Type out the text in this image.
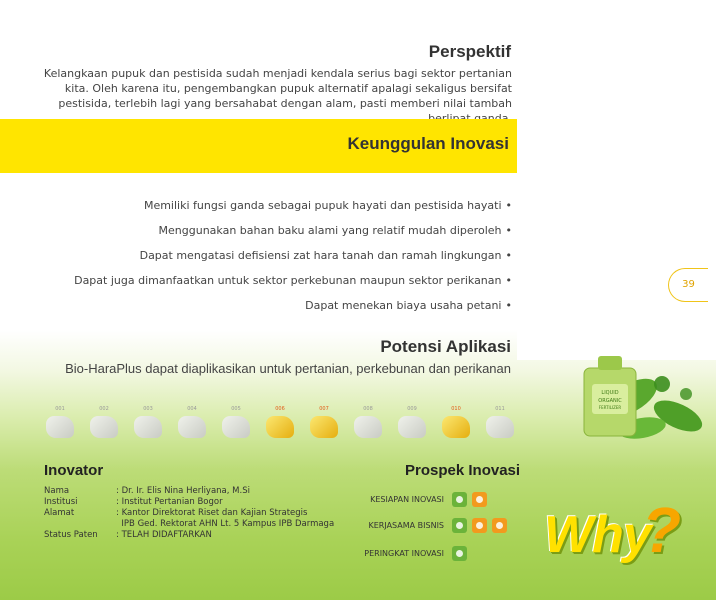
39
Perspektif
Kelangkaan pupuk dan pestisida sudah menjadi kendala serius bagi sektor pertanian kita. Oleh karena itu, pengembangkan pupuk alternatif apalagi sekaligus bersifat pestisida, terlebih lagi yang bersahabat dengan alam, pasti memberi nilai tambah
Keunggulan Inovasi
Memiliki fungsi ganda sebagai pupuk hayati dan pestisida hayati •
Menggunakan bahan baku alami yang relatif mudah diperoleh •
Dapat mengatasi defisiensi zat hara tanah dan ramah lingkungan •
Dapat juga dimanfaatkan untuk sektor perkebunan maupun sektor perikanan •
Dapat menekan biaya usaha petani •
Potensi Aplikasi
Bio-HaraPlus dapat diaplikasikan untuk pertanian, perkebunan dan perikanan
001	002	003	004	005	006	007	008	009	010	011
LIQUID
ORGANIC
FERTILIZER
Inovator
Nama	: Dr. Ir. Elis Nina Herliyana, M.Si
Institusi	: Institut Pertanian Bogor
Alamat	: Kantor Direktorat Riset dan Kajian Strategis
IPB Ged. Rektorat AHN Lt. 5 Kampus IPB Darmaga
Status Paten	: TELAH DIDAFTARKAN
Prospek Inovasi
KESIAPAN INOVASI
KERJASAMA BISNIS
PERINGKAT INOVASI Why
?
